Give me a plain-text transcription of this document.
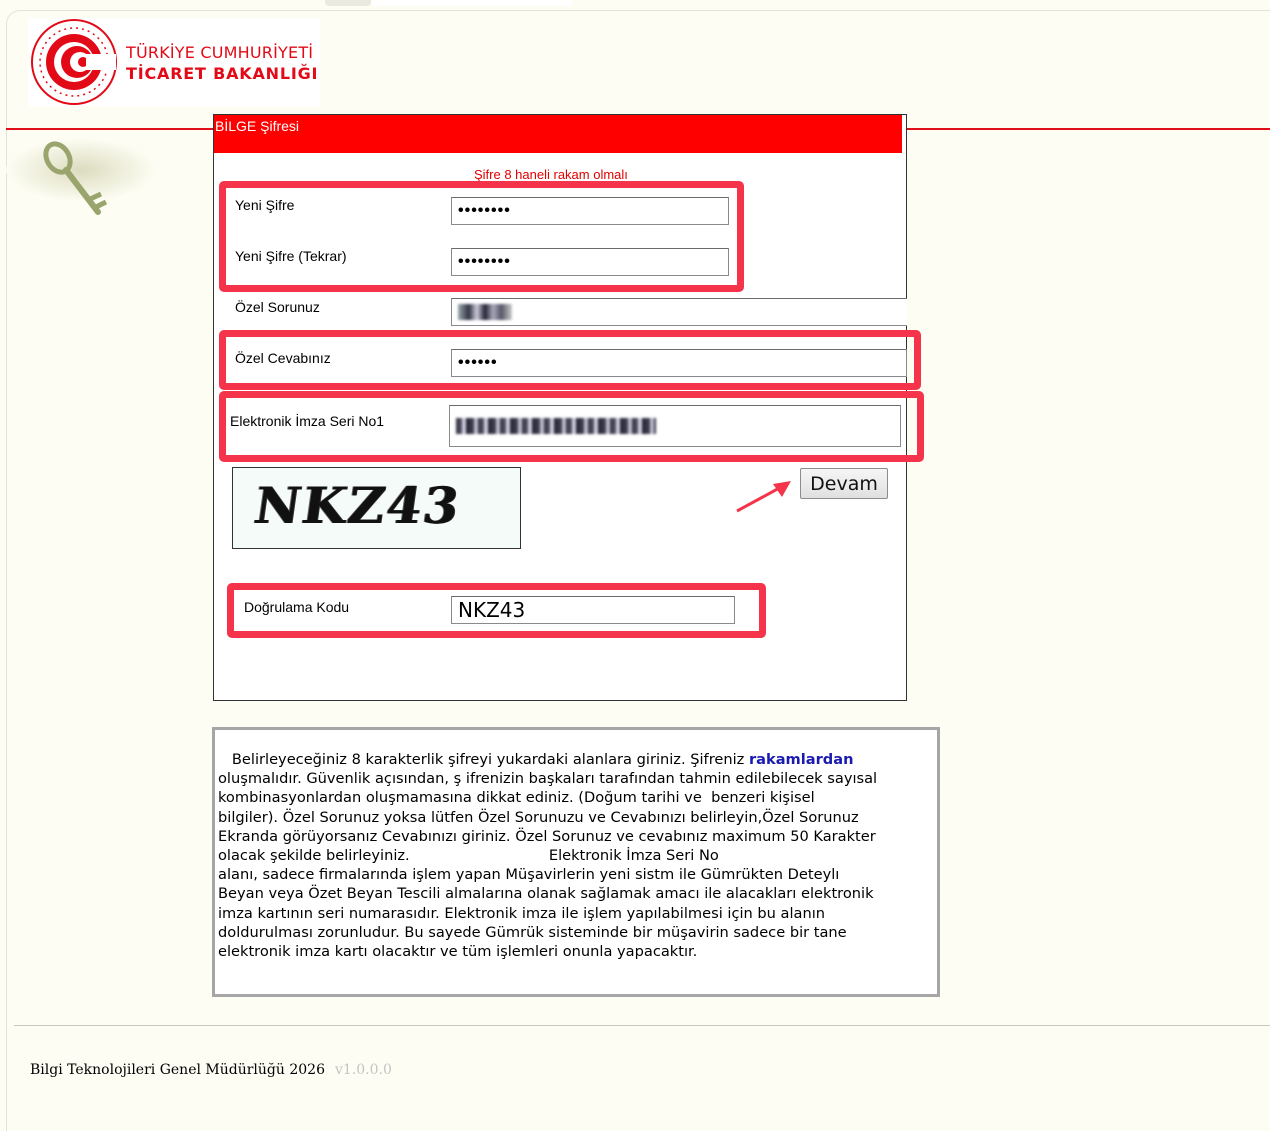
TÜRKİYE CUMHURİYETİ
TİCARET BAKANLIĞI
BİLGE Şifresi
Şifre 8 haneli rakam olmalı
Yeni Şifre	••••••••
Yeni Şifre (Tekrar)	••••••••
Özel Sorunuz
Özel Cevabınız	••••••
Elektronik İmza Seri No1
NKZ43	Devam
Doğrulama Kodu	NKZ43

Belirleyeceğiniz 8 karakterlik şifreyi yukardaki alanlara giriniz. Şifreniz rakamlardan
oluşmalıdır. Güvenlik açısından, ş ifrenizin başkaları tarafından tahmin edilebilecek sayısal
kombinasyonlardan oluşmamasına dikkat ediniz. (Doğum tarihi ve  benzeri kişisel
bilgiler). Özel Sorunuz yoksa lütfen Özel Sorunuzu ve Cevabınızı belirleyin,Özel Sorunuz
Ekranda görüyorsanız Cevabınızı giriniz. Özel Sorunuz ve cevabınız maximum 50 Karakter
olacak şekilde belirleyiniz.                              Elektronik İmza Seri No
alanı, sadece firmalarında işlem yapan Müşavirlerin yeni sistm ile Gümrükten Deteylı
Beyan veya Özet Beyan Tescili almalarına olanak sağlamak amacı ile alacakları elektronik
imza kartının seri numarasıdır. Elektronik imza ile işlem yapılabilmesi için bu alanın
doldurulması zorunludur. Bu sayede Gümrük sisteminde bir müşavirin sadece bir tane
elektronik imza kartı olacaktır ve tüm işlemleri onunla yapacaktır.

Bilgi Teknolojileri Genel Müdürlüğü 2026 v1.0.0.0
